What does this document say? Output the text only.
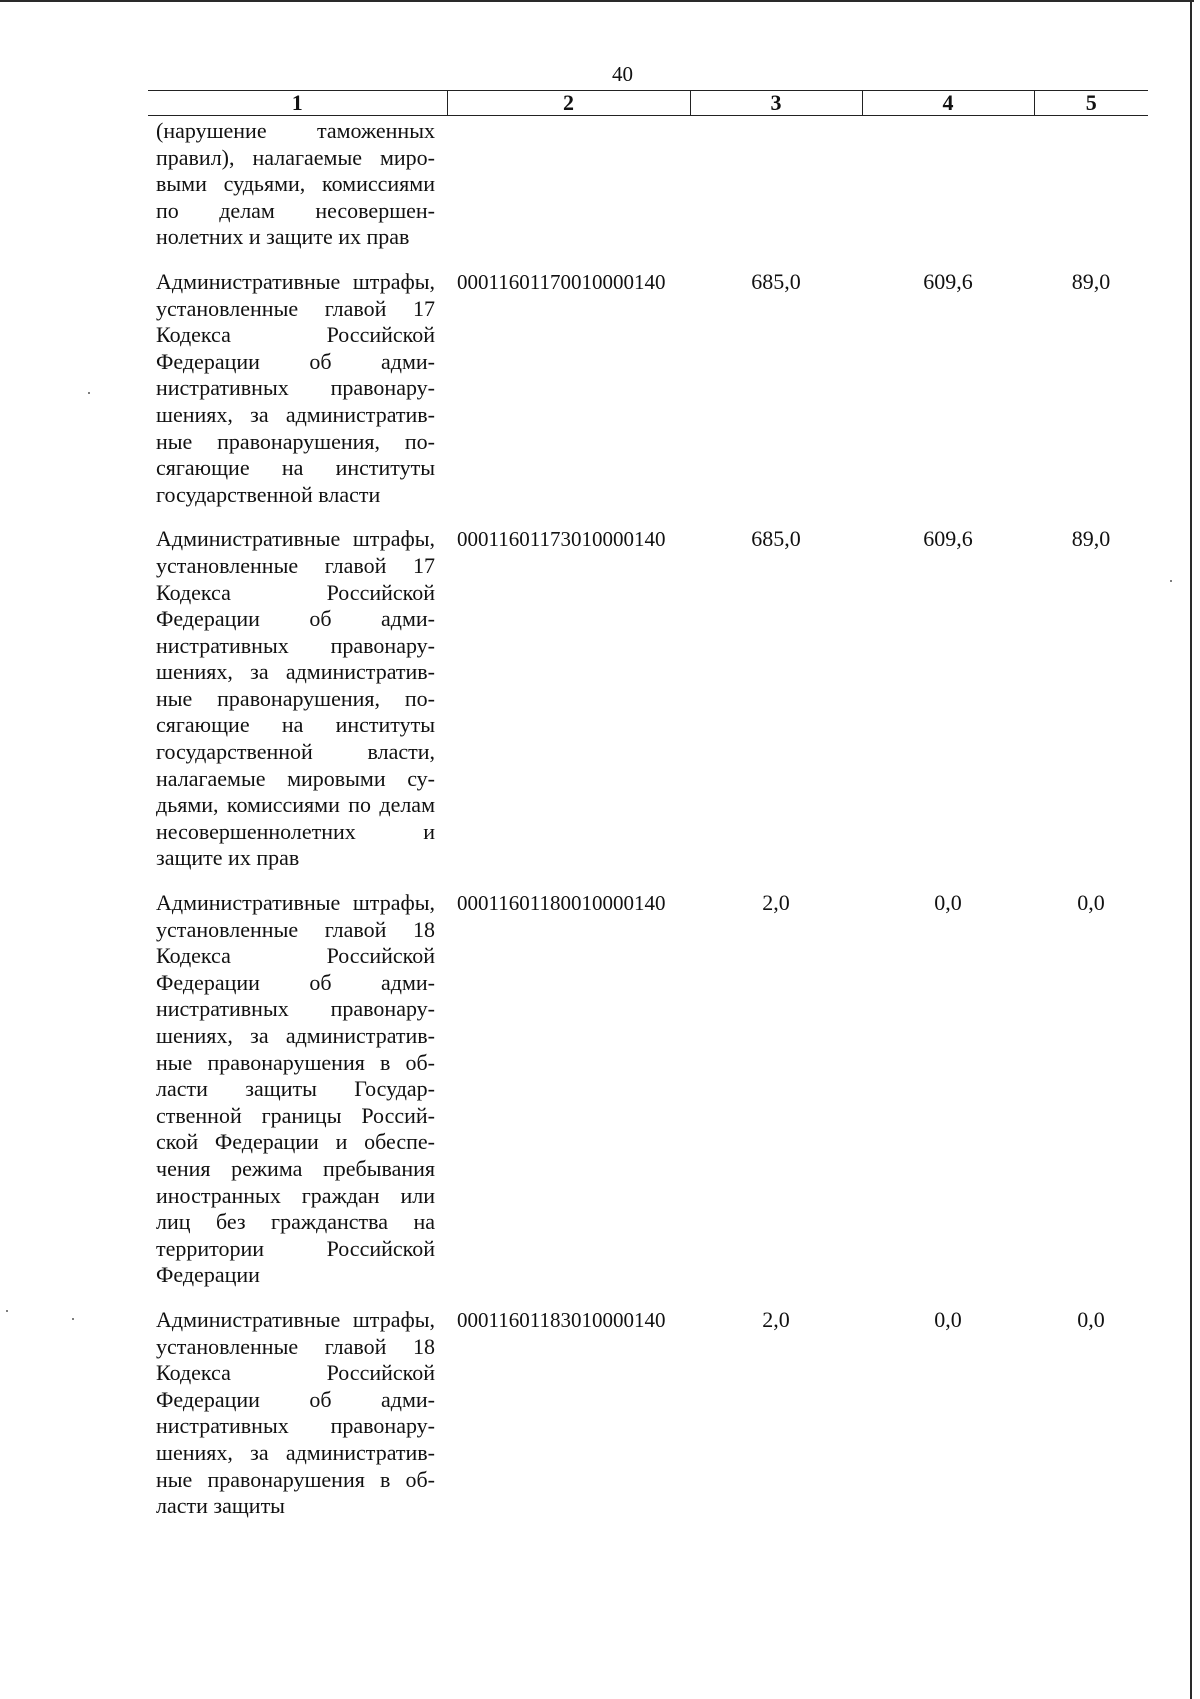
40
1	2	3	4	5
(нарушение таможенных правил), налагаемые мировыми судьями, комиссиями по делам несовершеннолетних и защите их прав				
Административные штрафы, установленные главой 17 Кодекса Российской Федерации об административных правонарушениях, за административные правонарушения, посягающие на институты государственной власти	00011601170010000140	685,0	609,6	89,0
Административные штрафы, установленные главой 17 Кодекса Российской Федерации об административных правонарушениях, за административные правонарушения, посягающие на институты государственной власти, налагаемые мировыми судьями, комиссиями по делам несовершеннолетних и защите их прав	00011601173010000140	685,0	609,6	89,0
Административные штрафы, установленные главой 18 Кодекса Российской Федерации об административных правонарушениях, за административные правонарушения в области защиты Государственной границы Российской Федерации и обеспечения режима пребывания иностранных граждан или лиц без гражданства на территории Российской Федерации	00011601180010000140	2,0	0,0	0,0
Административные штрафы, установленные главой 18 Кодекса Российской Федерации об административных правонарушениях, за административные правонарушения в области защиты	00011601183010000140	2,0	0,0	0,0
